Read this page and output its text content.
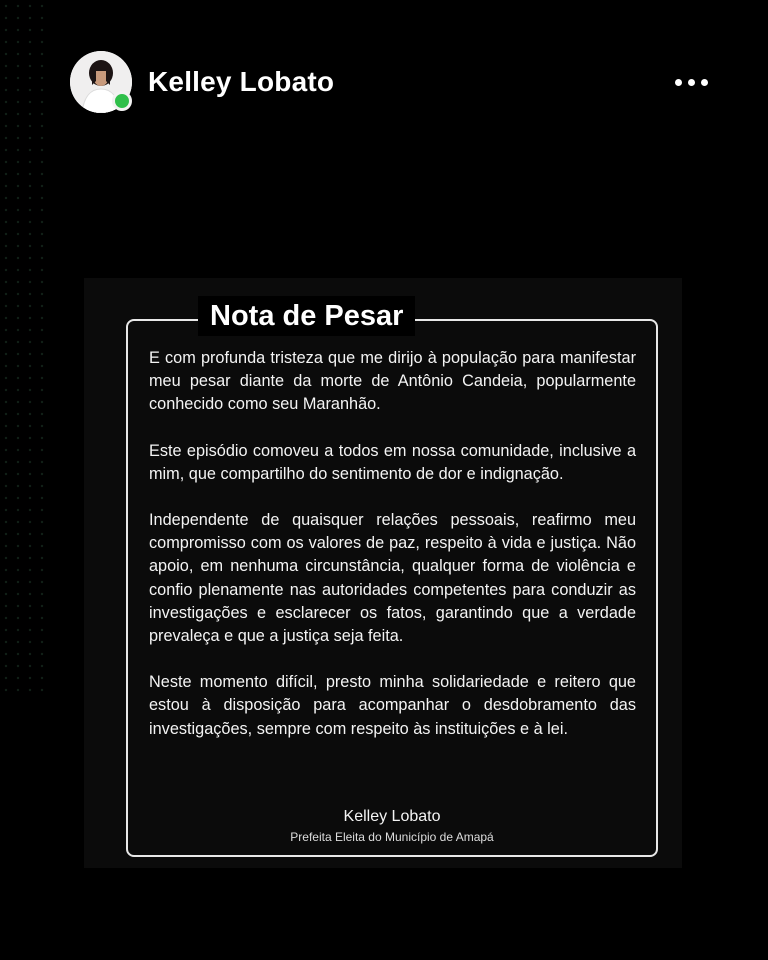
Kelley Lobato
Nota de Pesar

E com profunda tristeza que me dirijo à população para manifestar meu pesar diante da morte de Antônio Candeia, popularmente conhecido como seu Maranhão.

Este episódio comoveu a todos em nossa comunidade, inclusive a mim, que compartilho do sentimento de dor e indignação.

Independente de quaisquer relações pessoais, reafirmo meu compromisso com os valores de paz, respeito à vida e justiça. Não apoio, em nenhuma circunstância, qualquer forma de violência e confio plenamente nas autoridades competentes para conduzir as investigações e esclarecer os fatos, garantindo que a verdade prevaleça e que a justiça seja feita.

Neste momento difícil, presto minha solidariedade e reitero que estou à disposição para acompanhar o desdobramento das investigações, sempre com respeito às instituições e à lei.

Kelley Lobato
Prefeita Eleita do Município de Amapá
